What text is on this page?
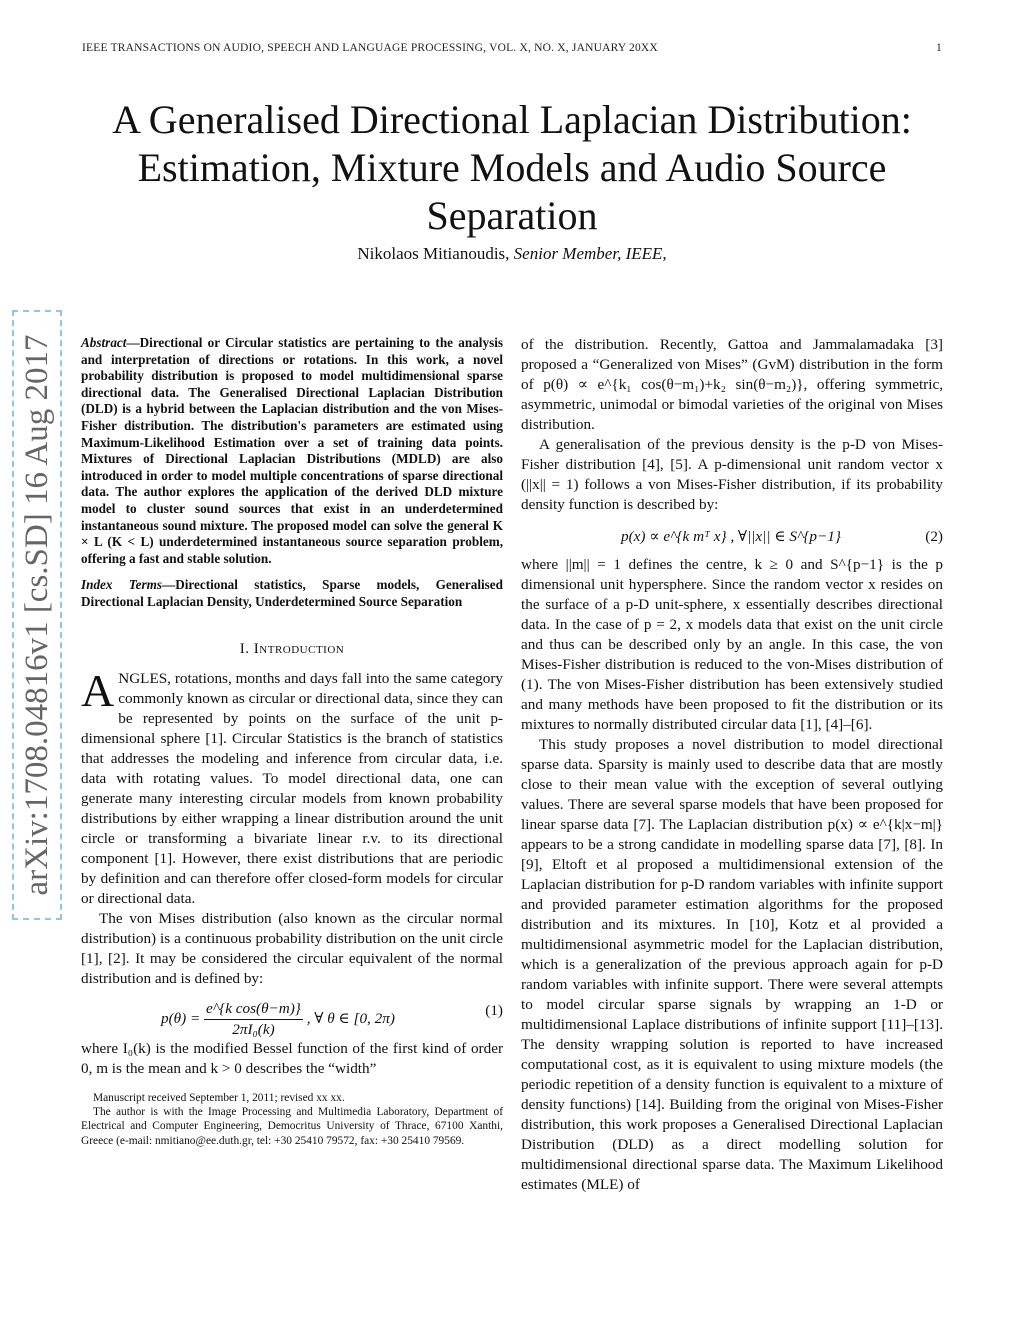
IEEE TRANSACTIONS ON AUDIO, SPEECH AND LANGUAGE PROCESSING, VOL. X, NO. X, JANUARY 20XX	1
A Generalised Directional Laplacian Distribution:
Estimation, Mixture Models and Audio Source
Separation
Nikolaos Mitianoudis, Senior Member, IEEE,
arXiv:1708.04816v1 [cs.SD] 16 Aug 2017	Abstract—Directional or Circular statistics are pertaining to the analysis and interpretation of directions or rotations. In this work, a novel probability distribution is proposed to model multidimensional sparse directional data. The Generalised Directional Laplacian Distribution (DLD) is a hybrid between the Laplacian distribution and the von Mises-Fisher distribution. The distribution's parameters are estimated using Maximum-Likelihood Estimation over a set of training data points. Mixtures of Directional Laplacian Distributions (MDLD) are also introduced in order to model multiple concentrations of sparse directional data. The author explores the application of the derived DLD mixture model to cluster sound sources that exist in an underdetermined instantaneous sound mixture. The proposed model can solve the general K × L (K < L) underdetermined instantaneous source separation problem, offering a fast and stable solution.
Index Terms—Directional statistics, Sparse models, Generalised Directional Laplacian Density, Underdetermined Source Separation
I. Introduction

ANGLES, rotations, months and days fall into the same category commonly known as circular or directional data, since they can be represented by points on the surface of the unit p-dimensional sphere [1]. Circular Statistics is the branch of statistics that addresses the modeling and inference from circular data, i.e. data with rotating values. To model directional data, one can generate many interesting circular models from known probability distributions by either wrapping a linear distribution around the unit circle or transforming a bivariate linear r.v. to its directional component [1]. However, there exist distributions that are periodic by definition and can therefore offer closed-form models for circular or directional data.

The von Mises distribution (also known as the circular normal distribution) is a continuous probability distribution on the unit circle [1], [2]. It may be considered the circular equivalent of the normal distribution and is defined by:

$p(\theta) = \frac{\text{e\textasciicircum{}\{k cos(θ−m)\}}}{\text{2πI₀(k)}}$ , ∀ θ ∈ [0, 2π)	(1)

where I₀(k) is the modified Bessel function of the first kind of order 0, m is the mean and k > 0 describes the “width”

Manuscript received September 1, 2011; revised xx xx.

The author is with the Image Processing and Multimedia Laboratory, Department of Electrical and Computer Engineering, Democritus University of Thrace, 67100 Xanthi, Greece (e-mail: nmitiano@ee.duth.gr, tel: +30 25410 79572, fax: +30 25410 79569.

of the distribution. Recently, Gattoa and Jammalamadaka [3] proposed a “Generalized von Mises” (GvM) distribution in the form of p(θ) ∝ e^{k₁ cos(θ−m₁)+k₂ sin(θ−m₂)}, offering symmetric, asymmetric, unimodal or bimodal varieties of the original von Mises distribution.

A generalisation of the previous density is the p-D von Mises-Fisher distribution [4], [5]. A p-dimensional unit random vector x (||x|| = 1) follows a von Mises-Fisher distribution, if its probability density function is described by:

p(x) ∝ e^{k mᵀ x} , ∀||x|| ∈ S^{p−1}	(2)

where ||m|| = 1 defines the centre, k ≥ 0 and S^{p−1} is the p dimensional unit hypersphere. Since the random vector x resides on the surface of a p-D unit-sphere, x essentially describes directional data. In the case of p = 2, x models data that exist on the unit circle and thus can be described only by an angle. In this case, the von Mises-Fisher distribution is reduced to the von-Mises distribution of (1). The von Mises-Fisher distribution has been extensively studied and many methods have been proposed to fit the distribution or its mixtures to normally distributed circular data [1], [4]–[6].

This study proposes a novel distribution to model directional sparse data. Sparsity is mainly used to describe data that are mostly close to their mean value with the exception of several outlying values. There are several sparse models that have been proposed for linear sparse data [7]. The Laplacian distribution p(x) ∝ e^{k|x−m|} appears to be a strong candidate in modelling sparse data [7], [8]. In [9], Eltoft et al proposed a multidimensional extension of the Laplacian distribution for p-D random variables with infinite support and provided parameter estimation algorithms for the proposed distribution and its mixtures. In [10], Kotz et al provided a multidimensional asymmetric model for the Laplacian distribution, which is a generalization of the previous approach again for p-D random variables with infinite support. There were several attempts to model circular sparse signals by wrapping an 1-D or multidimensional Laplace distributions of infinite support [11]–[13]. The density wrapping solution is reported to have increased computational cost, as it is equivalent to using mixture models (the periodic repetition of a density function is equivalent to a mixture of density functions) [14]. Building from the original von Mises-Fisher distribution, this work proposes a Generalised Directional Laplacian Distribution (DLD) as a direct modelling solution for multidimensional directional sparse data. The Maximum Likelihood estimates (MLE) of
